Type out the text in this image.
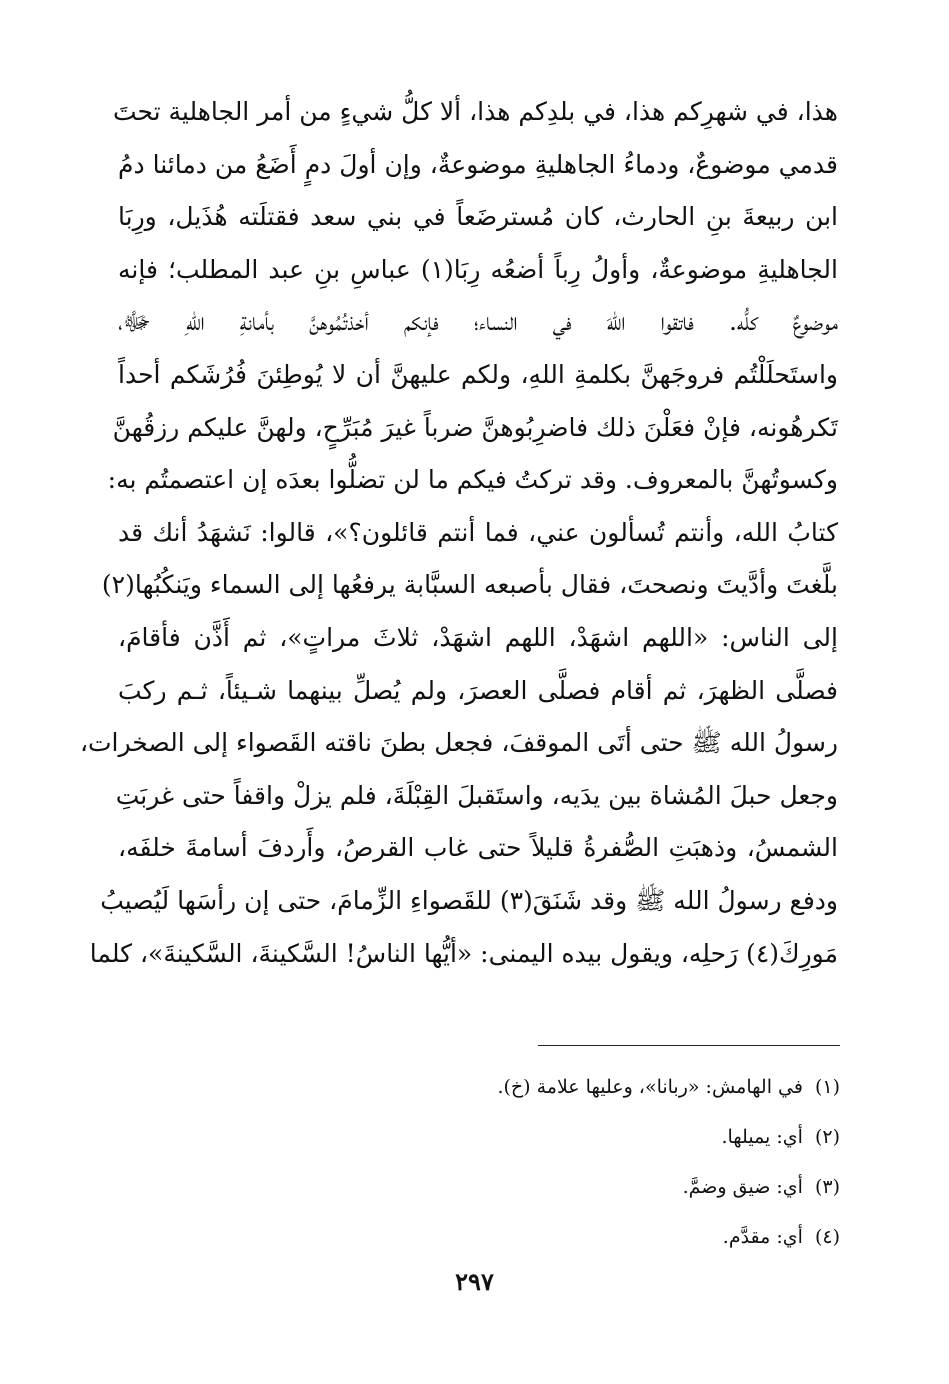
هذا، في شهرِكم هذا، في بلدِكم هذا، ألا كلُّ شيءٍ من أمر الجاهلية تحتَ
قدمي موضوعٌ، ودماءُ الجاهليةِ موضوعةٌ، وإن أولَ دمٍ أَضَعُ من دمائنا دمُ
ابن ربيعةَ بنِ الحارث، كان مُسترضَعاً في بني سعد فقتلَته هُذَيل، ورِبَا
الجاهليةِ موضوعةٌ، وأولُ رِباً أضعُه رِبَا(١) عباسِ بنِ عبد المطلب؛ فإنه
موضوعٌ كلُّه. فاتقوا اللهَ في النساء؛ فإنكم أخذتُمُوهنَّ بأمانةِ اللهِ ﷻ،
واستَحلَلْتُم فروجَهنَّ بكلمةِ اللهِ، ولكم عليهنَّ أن لا يُوطِئنَ فُرُشَكم أحداً
تَكرهُونه، فإنْ فعَلْنَ ذلك فاضرِبُوهنَّ ضرباً غيرَ مُبَرِّحٍ، ولهنَّ عليكم رزقُهنَّ
وكسوتُهنَّ بالمعروف. وقد تركتُ فيكم ما لن تضلُّوا بعدَه إن اعتصمتُم به:
كتابُ الله، وأنتم تُسألون عني، فما أنتم قائلون؟»، قالوا: نَشهَدُ أنك قد
بلَّغتَ وأدَّيتَ ونصحتَ، فقال بأصبعه السبَّابة يرفعُها إلى السماء ويَنكُبُها(٢)
إلى الناس: «اللهم اشهَدْ، اللهم اشهَدْ، ثلاثَ مراتٍ»، ثم أَذَّن فأقامَ،
فصلَّى الظهرَ، ثم أقام فصلَّى العصرَ، ولم يُصلِّ بينهما شـيئاً، ثـم ركبَ
رسولُ الله ﷺ حتى أتَى الموقفَ، فجعل بطنَ ناقته القَصواء إلى الصخرات،
وجعل حبلَ المُشاة بين يدَيه، واستَقبلَ القِبْلَةَ، فلم يزلْ واقفاً حتى غربَتِ
الشمسُ، وذهبَتِ الصُّفرةُ قليلاً حتى غاب القرصُ، وأَردفَ أسامةَ خلفَه،
ودفع رسولُ الله ﷺ وقد شَنَقَ(٣) للقَصواءِ الزِّمامَ، حتى إن رأسَها لَيُصيبُ
مَورِكَ(٤) رَحلِه، ويقول بيده اليمنى: «أيُّها الناسُ! السَّكينةَ، السَّكينةَ»، كلما
(١)في الهامش: «ربانا»، وعليها علامة (خ).
(٢)أي: يميلها.
(٣)أي: ضيق وضمَّ.
(٤)أي: مقدَّم.
٢٩٧
